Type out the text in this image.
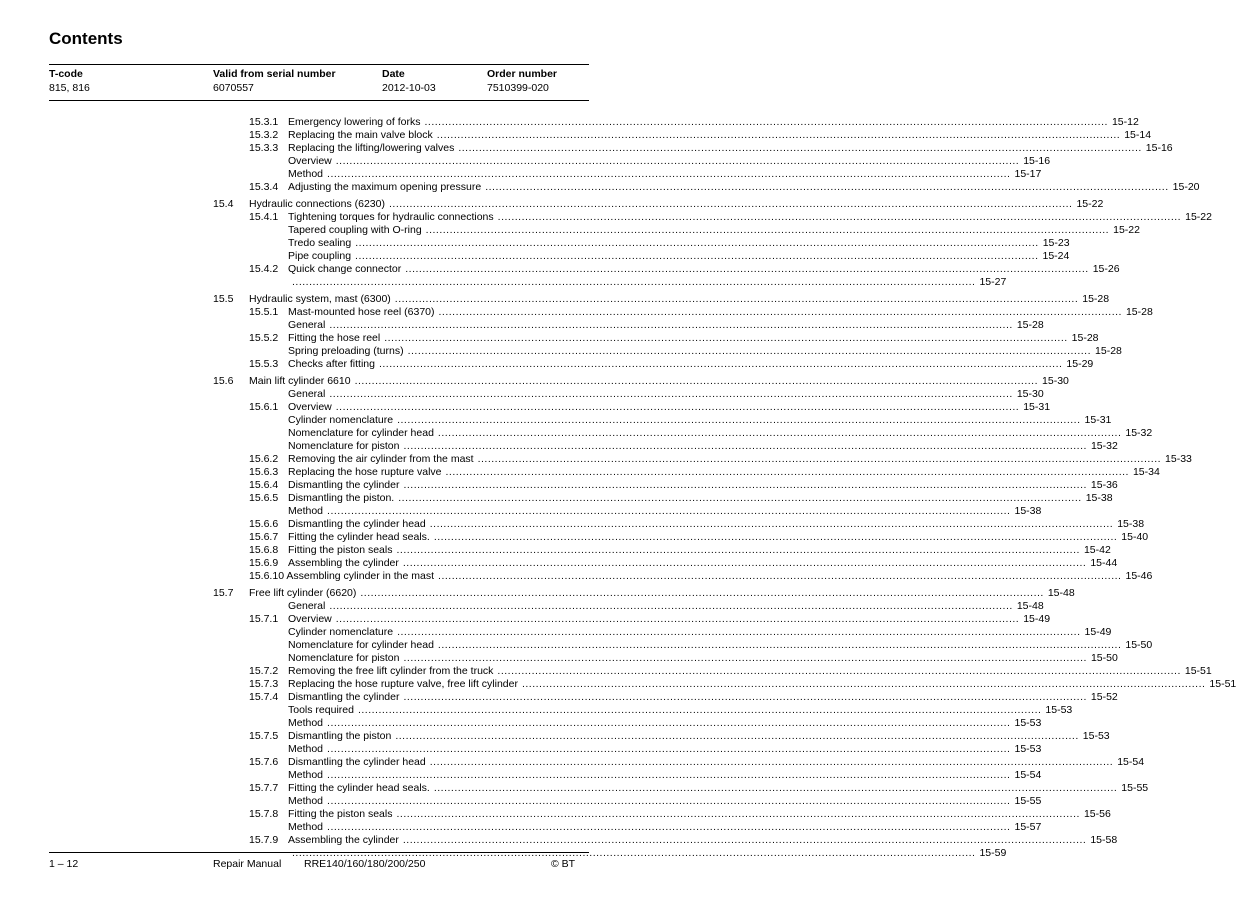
Contents
T-code	Valid from serial number	Date	Order number
815, 816	6070557	2012-10-03	7510399-020
15.3.1 Emergency lowering of forks ........................................................................................................................................................................................................ 15-12
15.3.2 Replacing the main valve block ........................................................................................................................................................................................................ 15-14
15.3.3 Replacing the lifting/lowering valves ........................................................................................................................................................................................................ 15-16
Overview ........................................................................................................................................................................................................ 15-16
Method ........................................................................................................................................................................................................ 15-17
15.3.4 Adjusting the maximum opening pressure ........................................................................................................................................................................................................ 15-20
15.4 Hydraulic connections (6230) ........................................................................................................................................................................................................ 15-22
15.4.1 Tightening torques for hydraulic connections ........................................................................................................................................................................................................ 15-22
Tapered coupling with O-ring ........................................................................................................................................................................................................ 15-22
Tredo sealing ........................................................................................................................................................................................................ 15-23
Pipe coupling ........................................................................................................................................................................................................ 15-24
15.4.2 Quick change connector ........................................................................................................................................................................................................ 15-26
........................................................................................................................................................................................................ 15-27
15.5 Hydraulic system, mast (6300) ........................................................................................................................................................................................................ 15-28
15.5.1 Mast-mounted hose reel (6370) ........................................................................................................................................................................................................ 15-28
General ........................................................................................................................................................................................................ 15-28
15.5.2 Fitting the hose reel ........................................................................................................................................................................................................ 15-28
Spring preloading (turns) ........................................................................................................................................................................................................ 15-28
15.5.3 Checks after fitting ........................................................................................................................................................................................................ 15-29
15.6 Main lift cylinder 6610 ........................................................................................................................................................................................................ 15-30
General ........................................................................................................................................................................................................ 15-30
15.6.1 Overview ........................................................................................................................................................................................................ 15-31
Cylinder nomenclature ........................................................................................................................................................................................................ 15-31
Nomenclature for cylinder head ........................................................................................................................................................................................................ 15-32
Nomenclature for piston ........................................................................................................................................................................................................ 15-32
15.6.2 Removing the air cylinder from the mast ........................................................................................................................................................................................................ 15-33
15.6.3 Replacing the hose rupture valve ........................................................................................................................................................................................................ 15-34
15.6.4 Dismantling the cylinder ........................................................................................................................................................................................................ 15-36
15.6.5 Dismantling the piston. ........................................................................................................................................................................................................ 15-38
Method ........................................................................................................................................................................................................ 15-38
15.6.6 Dismantling the cylinder head ........................................................................................................................................................................................................ 15-38
15.6.7 Fitting the cylinder head seals. ........................................................................................................................................................................................................ 15-40
15.6.8 Fitting the piston seals ........................................................................................................................................................................................................ 15-42
15.6.9 Assembling the cylinder ........................................................................................................................................................................................................ 15-44
15.6.10 Assembling cylinder in the mast ........................................................................................................................................................................................................ 15-46
15.7 Free lift cylinder (6620) ........................................................................................................................................................................................................ 15-48
General ........................................................................................................................................................................................................ 15-48
15.7.1 Overview ........................................................................................................................................................................................................ 15-49
Cylinder nomenclature ........................................................................................................................................................................................................ 15-49
Nomenclature for cylinder head ........................................................................................................................................................................................................ 15-50
Nomenclature for piston ........................................................................................................................................................................................................ 15-50
15.7.2 Removing the free lift cylinder from the truck ........................................................................................................................................................................................................ 15-51
15.7.3 Replacing the hose rupture valve, free lift cylinder ........................................................................................................................................................................................................ 15-51
15.7.4 Dismantling the cylinder ........................................................................................................................................................................................................ 15-52
Tools required ........................................................................................................................................................................................................ 15-53
Method ........................................................................................................................................................................................................ 15-53
15.7.5 Dismantling the piston ........................................................................................................................................................................................................ 15-53
Method ........................................................................................................................................................................................................ 15-53
15.7.6 Dismantling the cylinder head ........................................................................................................................................................................................................ 15-54
Method ........................................................................................................................................................................................................ 15-54
15.7.7 Fitting the cylinder head seals. ........................................................................................................................................................................................................ 15-55
Method ........................................................................................................................................................................................................ 15-55
15.7.8 Fitting the piston seals ........................................................................................................................................................................................................ 15-56
Method ........................................................................................................................................................................................................ 15-57
15.7.9 Assembling the cylinder ........................................................................................................................................................................................................ 15-58
........................................................................................................................................................................................................ 15-59
1 – 12	Repair Manual RRE140/160/180/200/250	© BT
